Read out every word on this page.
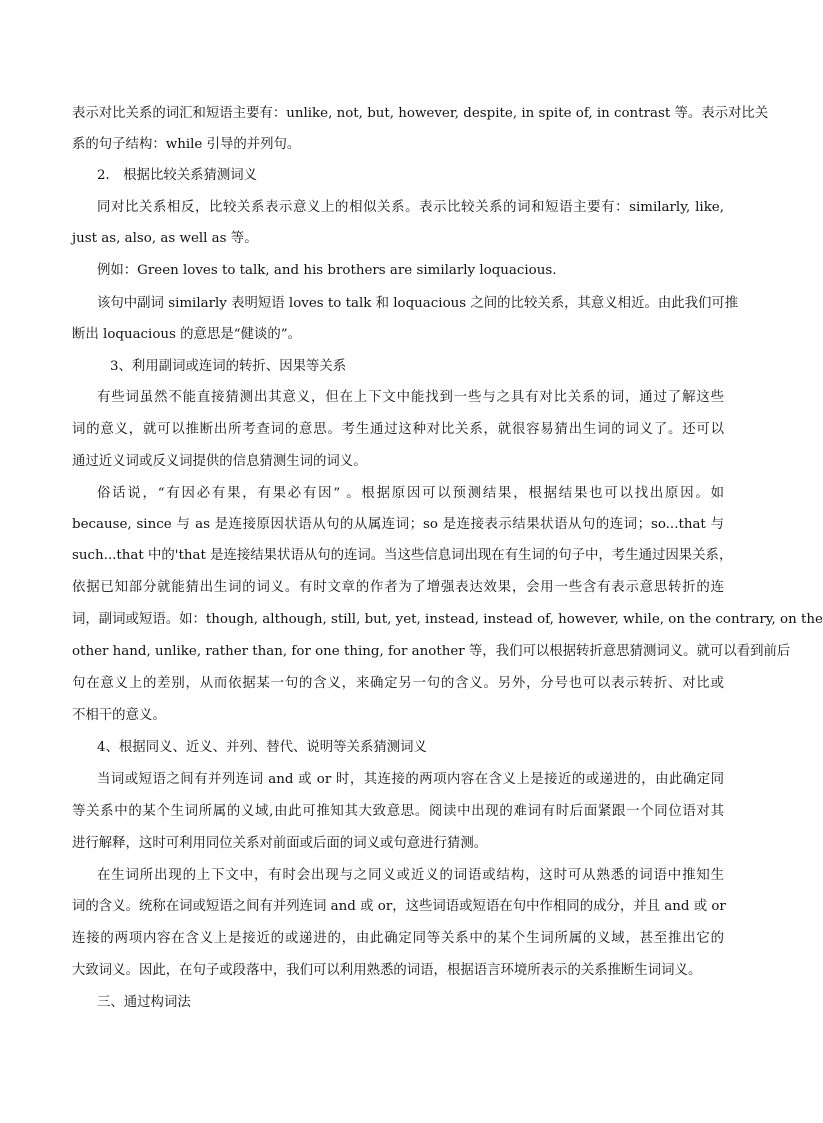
表示对比关系的词汇和短语主要有：unlike, not, but, however, despite, in spite of, in contrast 等。表示对比关
系的句子结构：while 引导的并列句。
2． 根据比较关系猜测词义
同对比关系相反，比较关系表示意义上的相似关系。表示比较关系的词和短语主要有：similarly, like,
just as, also, as well as 等。
例如：Green loves to talk, and his brothers are similarly loquacious.
该句中副词 similarly 表明短语 loves to talk 和 loquacious 之间的比较关系，其意义相近。由此我们可推
断出 loquacious 的意思是“健谈的”。
3、利用副词或连词的转折、因果等关系
有些词虽然不能直接猜测出其意义，但在上下文中能找到一些与之具有对比关系的词，通过了解这些
词的意义，就可以推断出所考查词的意思。考生通过这种对比关系，就很容易猜出生词的词义了。还可以
通过近义词或反义词提供的信息猜测生词的词义。
俗话说，“有因必有果，有果必有因” 。根据原因可以预测结果，根据结果也可以找出原因。如
because, since 与 as 是连接原因状语从句的从属连词；so 是连接表示结果状语从句的连词；so...that 与
such...that 中的'that 是连接结果状语从句的连词。当这些信息词出现在有生词的句子中，考生通过因果关系，
依据已知部分就能猜出生词的词义。有时文章的作者为了增强表达效果，会用一些含有表示意思转折的连
词，副词或短语。如：though, although, still, but, yet, instead, instead of, however, while, on the contrary, on the
other hand, unlike, rather than, for one thing, for another 等，我们可以根据转折意思猜测词义。就可以看到前后
句在意义上的差别，从而依据某一句的含义，来确定另一句的含义。另外，分号也可以表示转折、对比或
不相干的意义。
4、根据同义、近义、并列、替代、说明等关系猜测词义
当词或短语之间有并列连词 and 或 or 时，其连接的两项内容在含义上是接近的或递进的，由此确定同
等关系中的某个生词所属的义域,由此可推知其大致意思。阅读中出现的难词有时后面紧跟一个同位语对其
进行解释，这时可利用同位关系对前面或后面的词义或句意进行猜测。
在生词所出现的上下文中，有时会出现与之同义或近义的词语或结构，这时可从熟悉的词语中推知生
词的含义。统称在词或短语之间有并列连词 and 或 or，这些词语或短语在句中作相同的成分，并且 and 或 or
连接的两项内容在含义上是接近的或递进的，由此确定同等关系中的某个生词所属的义域，甚至推出它的
大致词义。因此，在句子或段落中，我们可以利用熟悉的词语，根据语言环境所表示的关系推断生词词义。
三、通过构词法
